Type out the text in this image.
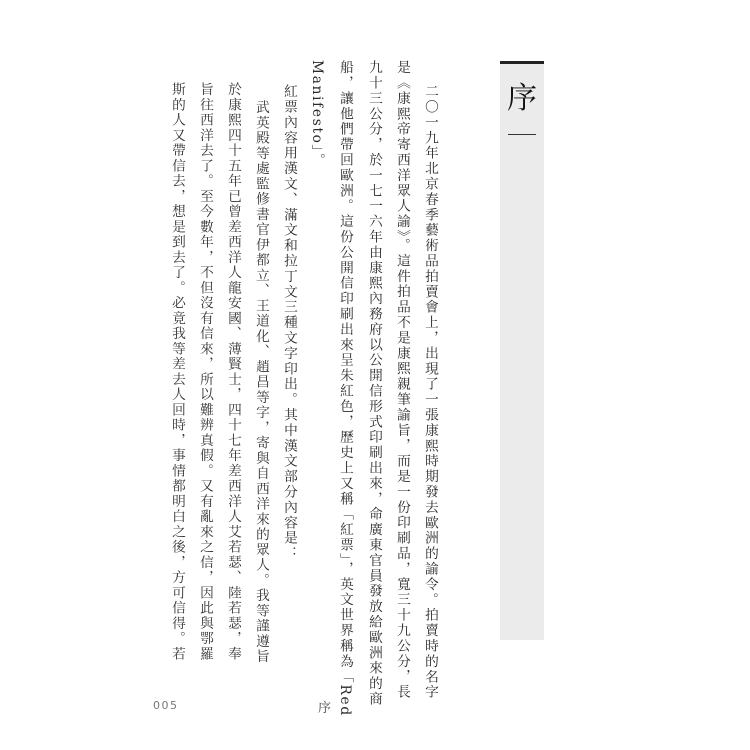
序
二〇一九年北京春季藝術品拍賣會上，出現了一張康熙時期發去歐洲的諭令。拍賣時的名字
是《康熙帝寄西洋眾人諭》。這件拍品不是康熙親筆諭旨，而是一份印刷品，寬三十九公分，長
九十三公分，於一七一六年由康熙內務府以公開信形式印刷出來，命廣東官員發放給歐洲來的商
船，讓他們帶回歐洲。這份公開信印刷出來呈朱紅色，歷史上又稱「紅票」，英文世界稱為「Red
Manifesto」。
紅票內容用漢文、滿文和拉丁文三種文字印出。其中漢文部分內容是：
武英殿等處監修書官伊都立、王道化、趙昌等字，寄與自西洋來的眾人。我等謹遵旨
於康熙四十五年已曾差西洋人龍安國、薄賢士，四十七年差西洋人艾若瑟、陸若瑟，奉
旨往西洋去了。至今數年，不但沒有信來，所以難辨真假。又有亂來之信，因此與鄂羅
斯的人又帶信去，想是到去了。必竟我等差去人回時，事情都明白之後，方可信得。若
005	序
